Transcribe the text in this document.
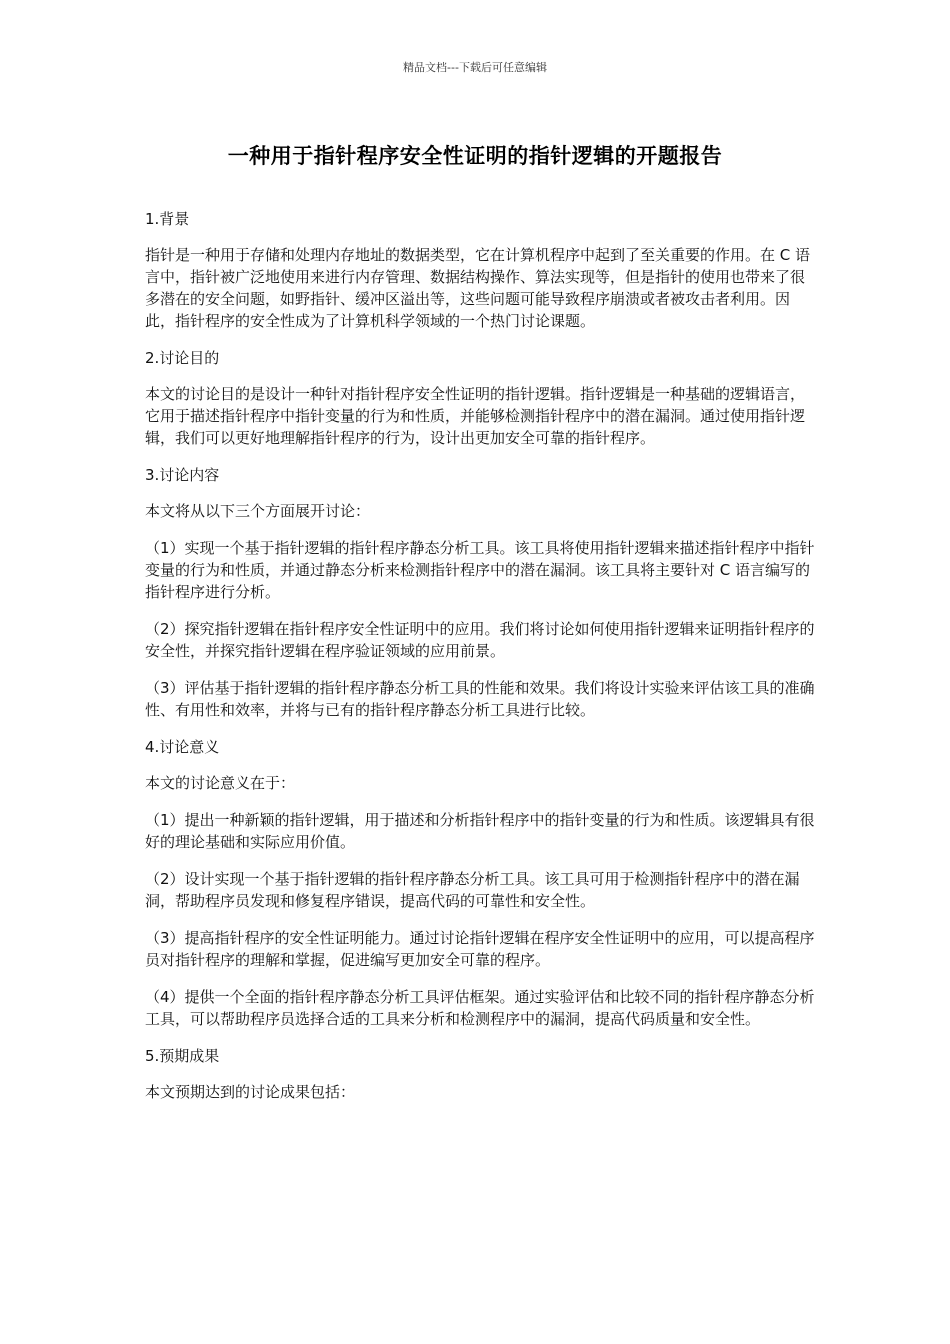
精品文档---下载后可任意编辑
一种用于指针程序安全性证明的指针逻辑的开题报告

1.背景

指针是一种用于存储和处理内存地址的数据类型，它在计算机程序中起到了至关重要的作用。在 C 语言中，指针被广泛地使用来进行内存管理、数据结构操作、算法实现等，但是指针的使用也带来了很多潜在的安全问题，如野指针、缓冲区溢出等，这些问题可能导致程序崩溃或者被攻击者利用。因此，指针程序的安全性成为了计算机科学领域的一个热门讨论课题。

2.讨论目的

本文的讨论目的是设计一种针对指针程序安全性证明的指针逻辑。指针逻辑是一种基础的逻辑语言，它用于描述指针程序中指针变量的行为和性质，并能够检测指针程序中的潜在漏洞。通过使用指针逻辑，我们可以更好地理解指针程序的行为，设计出更加安全可靠的指针程序。

3.讨论内容

本文将从以下三个方面展开讨论：

（1）实现一个基于指针逻辑的指针程序静态分析工具。该工具将使用指针逻辑来描述指针程序中指针变量的行为和性质，并通过静态分析来检测指针程序中的潜在漏洞。该工具将主要针对 C 语言编写的指针程序进行分析。

（2）探究指针逻辑在指针程序安全性证明中的应用。我们将讨论如何使用指针逻辑来证明指针程序的安全性，并探究指针逻辑在程序验证领域的应用前景。

（3）评估基于指针逻辑的指针程序静态分析工具的性能和效果。我们将设计实验来评估该工具的准确性、有用性和效率，并将与已有的指针程序静态分析工具进行比较。

4.讨论意义

本文的讨论意义在于：

（1）提出一种新颖的指针逻辑，用于描述和分析指针程序中的指针变量的行为和性质。该逻辑具有很好的理论基础和实际应用价值。

（2）设计实现一个基于指针逻辑的指针程序静态分析工具。该工具可用于检测指针程序中的潜在漏洞，帮助程序员发现和修复程序错误，提高代码的可靠性和安全性。

（3）提高指针程序的安全性证明能力。通过讨论指针逻辑在程序安全性证明中的应用，可以提高程序员对指针程序的理解和掌握，促进编写更加安全可靠的程序。

（4）提供一个全面的指针程序静态分析工具评估框架。通过实验评估和比较不同的指针程序静态分析工具，可以帮助程序员选择合适的工具来分析和检测程序中的漏洞，提高代码质量和安全性。

5.预期成果

本文预期达到的讨论成果包括：
